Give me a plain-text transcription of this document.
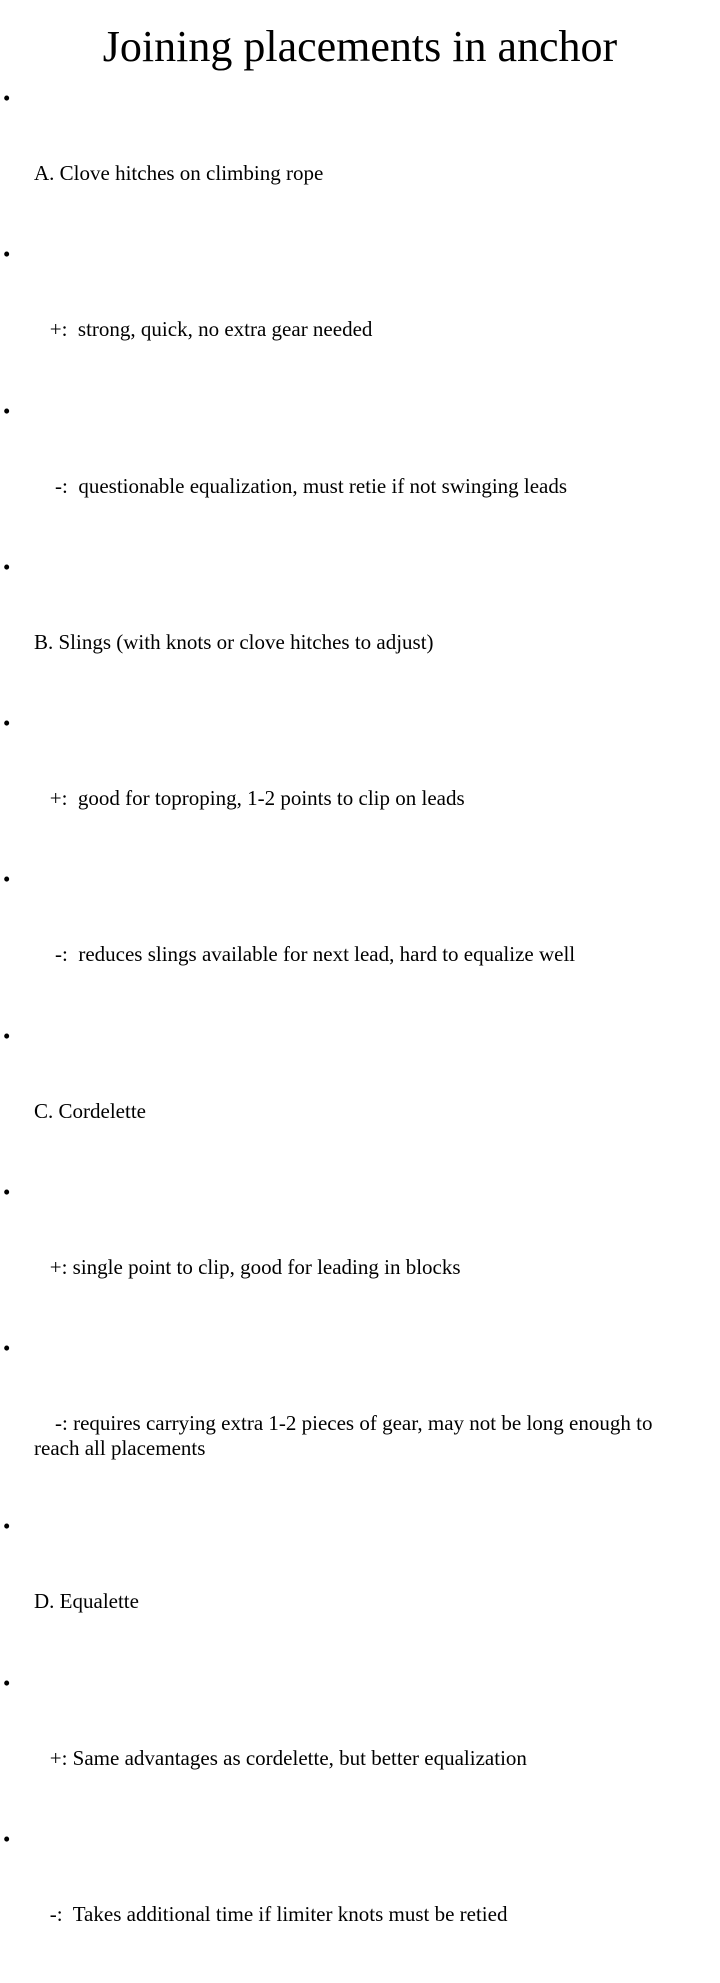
Joining placements in anchor

•

A. Clove hitches on climbing rope

•

+:  strong, quick, no extra gear needed

•

-:  questionable equalization, must retie if not swinging leads

•

B. Slings (with knots or clove hitches to adjust)

•

+:  good for toproping, 1-2 points to clip on leads

•

-:  reduces slings available for next lead, hard to equalize well

•

C. Cordelette

•

+: single point to clip, good for leading in blocks

•

-: requires carrying extra 1-2 pieces of gear, may not be long enough to reach all placements

•

D. Equalette

•

+: Same advantages as cordelette, but better equalization

•

-:  Takes additional time if limiter knots must be retied
